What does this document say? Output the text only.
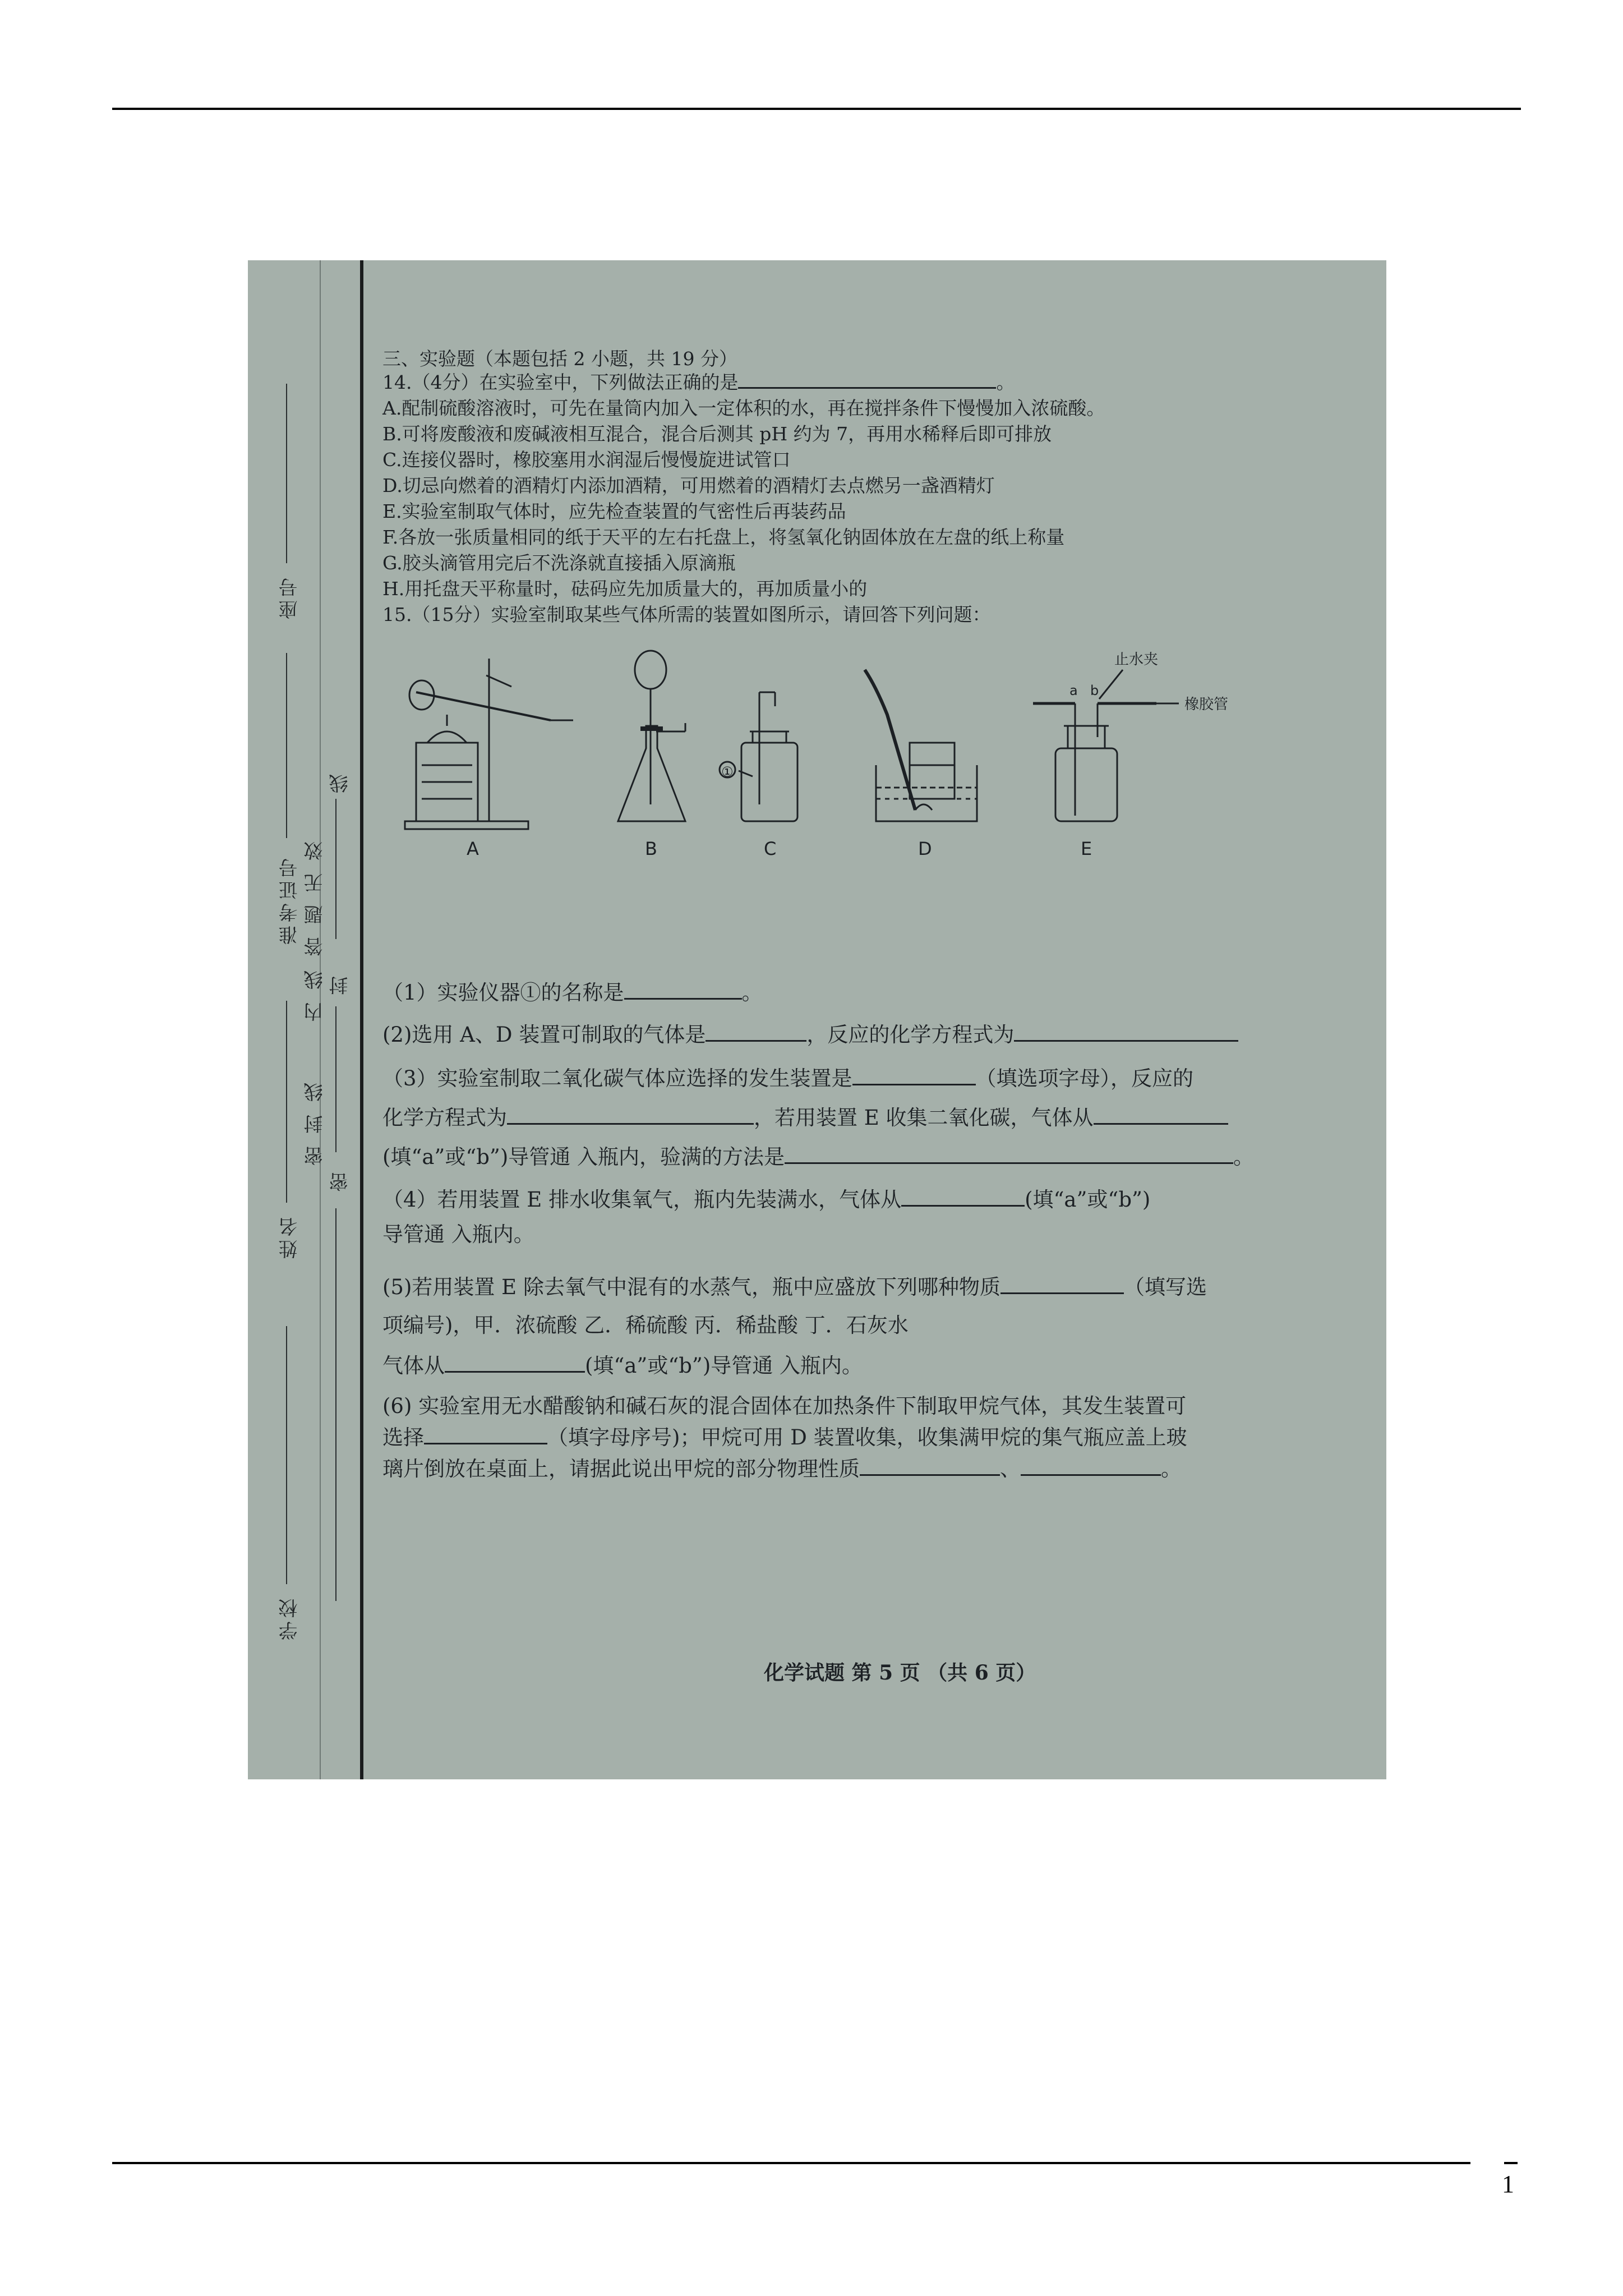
座号
准考证号
姓名
学校
答 题 无 效
内 线
密 封 线
线
封
密
三、实验题（本题包括 2 小题，共 19 分）
14.（4分）在实验室中，下列做法正确的是	。
A.配制硫酸溶液时，可先在量筒内加入一定体积的水，再在搅拌条件下慢慢加入浓硫酸。
B.可将废酸液和废碱液相互混合，混合后测其 pH 约为 7，再用水稀释后即可排放
C.连接仪器时，橡胶塞用水润湿后慢慢旋进试管口
D.切忌向燃着的酒精灯内添加酒精，可用燃着的酒精灯去点燃另一盏酒精灯
E.实验室制取气体时，应先检查装置的气密性后再装药品
F.各放一张质量相同的纸于天平的左右托盘上，将氢氧化钠固体放在左盘的纸上称量
G.胶头滴管用完后不洗涤就直接插入原滴瓶
H.用托盘天平称量时，砝码应先加质量大的，再加质量小的
15.（15分）实验室制取某些气体所需的装置如图所示，请回答下列问题：
A	B	C	D	E
①
止水夹
橡胶管
a b
（1）实验仪器①的名称是	。
(2)选用 A、D 装置可制取的气体是	，反应的化学方程式为
（3）实验室制取二氧化碳气体应选择的发生装置是	（填选项字母），反应的
化学方程式为	，若用装置 E 收集二氧化碳，气体从
(填“a”或“b”)导管通 入瓶内，验满的方法是	。
（4）若用装置 E 排水收集氧气，瓶内先装满水，气体从	(填“a”或“b”)
导管通 入瓶内。
(5)若用装置 E 除去氧气中混有的水蒸气，瓶中应盛放下列哪种物质	（填写选
项编号)，甲．浓硫酸 乙．稀硫酸 丙．稀盐酸 丁．石灰水
气体从	(填“a”或“b”)导管通 入瓶内。
(6) 实验室用无水醋酸钠和碱石灰的混合固体在加热条件下制取甲烷气体，其发生装置可
选择	（填字母序号)；甲烷可用 D 装置收集，收集满甲烷的集气瓶应盖上玻
璃片倒放在桌面上，请据此说出甲烷的部分物理性质	、	。
化学试题 第 5 页 （共 6 页）
1
